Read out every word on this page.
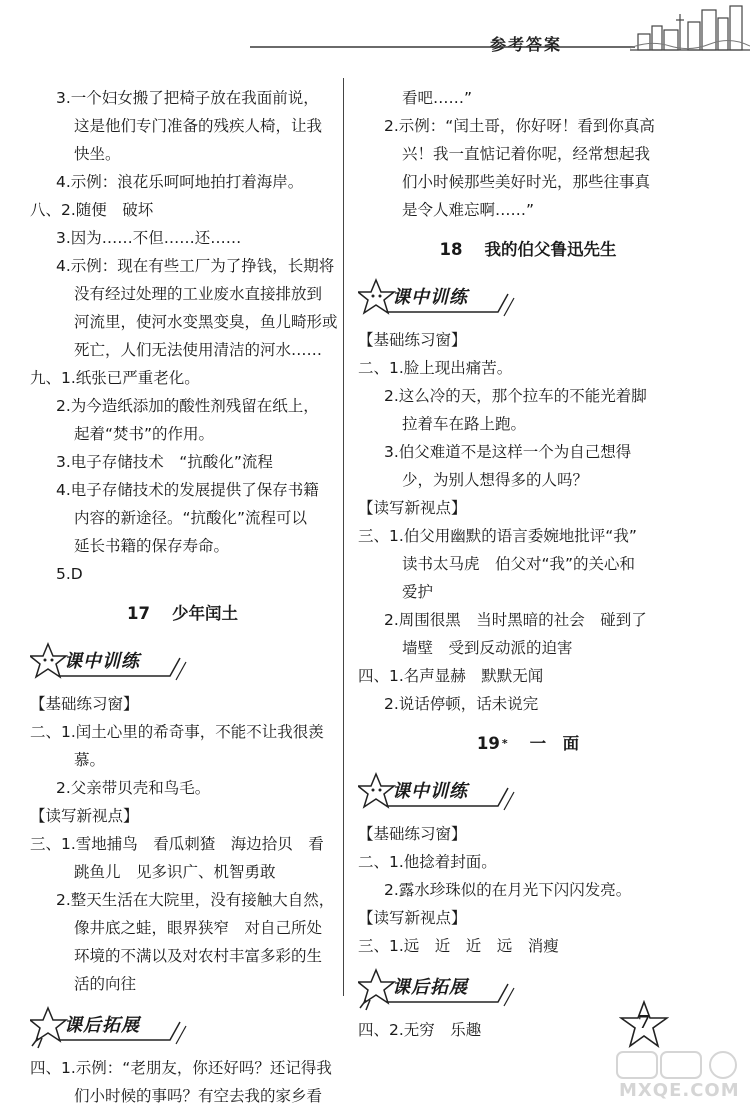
参考答案
3.一个妇女搬了把椅子放在我面前说，
这是他们专门准备的残疾人椅，让我
快坐。
4.示例：浪花乐呵呵地拍打着海岸。
八、2.随便　破坏
3.因为……不但……还……
4.示例：现在有些工厂为了挣钱，长期将
没有经过处理的工业废水直接排放到
河流里，使河水变黑变臭，鱼儿畸形或
死亡，人们无法使用清洁的河水……
九、1.纸张已严重老化。
2.为今造纸添加的酸性剂残留在纸上，
起着“焚书”的作用。
3.电子存储技术　“抗酸化”流程
4.电子存储技术的发展提供了保存书籍
内容的新途径。“抗酸化”流程可以
延长书籍的保存寿命。
5.D
17 少年闰土
课中训练
【基础练习窗】
二、1.闰土心里的希奇事，不能不让我很羡
慕。
2.父亲带贝壳和鸟毛。
【读写新视点】
三、1.雪地捕鸟　看瓜刺猹　海边拾贝　看
跳鱼儿　见多识广、机智勇敢
2.整天生活在大院里，没有接触大自然，
像井底之蛙，眼界狭窄　对自己所处
环境的不满以及对农村丰富多彩的生
活的向往
课后拓展
四、1.示例：“老朋友，你还好吗？还记得我
们小时候的事吗？有空去我的家乡看
看吧……”
2.示例：“闰土哥，你好呀！看到你真高
兴！我一直惦记着你呢，经常想起我
们小时候那些美好时光，那些往事真
是令人难忘啊……”
18 我的伯父鲁迅先生
课中训练
【基础练习窗】
二、1.脸上现出痛苦。
2.这么冷的天，那个拉车的不能光着脚
拉着车在路上跑。
3.伯父难道不是这样一个为自己想得
少，为别人想得多的人吗？
【读写新视点】
三、1.伯父用幽默的语言委婉地批评“我”
读书太马虎　伯父对“我”的关心和
爱护
2.周围很黑　当时黑暗的社会　碰到了
墙壁　受到反动派的迫害
四、1.名声显赫　默默无闻
2.说话停顿，话未说完
19 * 一　面
课中训练
【基础练习窗】
二、1.他捻着封面。
2.露水珍珠似的在月光下闪闪发亮。
【读写新视点】
三、1.远　近　近　远　消瘦
课后拓展
四、2.无穷　乐趣	7
MXQE.COM
